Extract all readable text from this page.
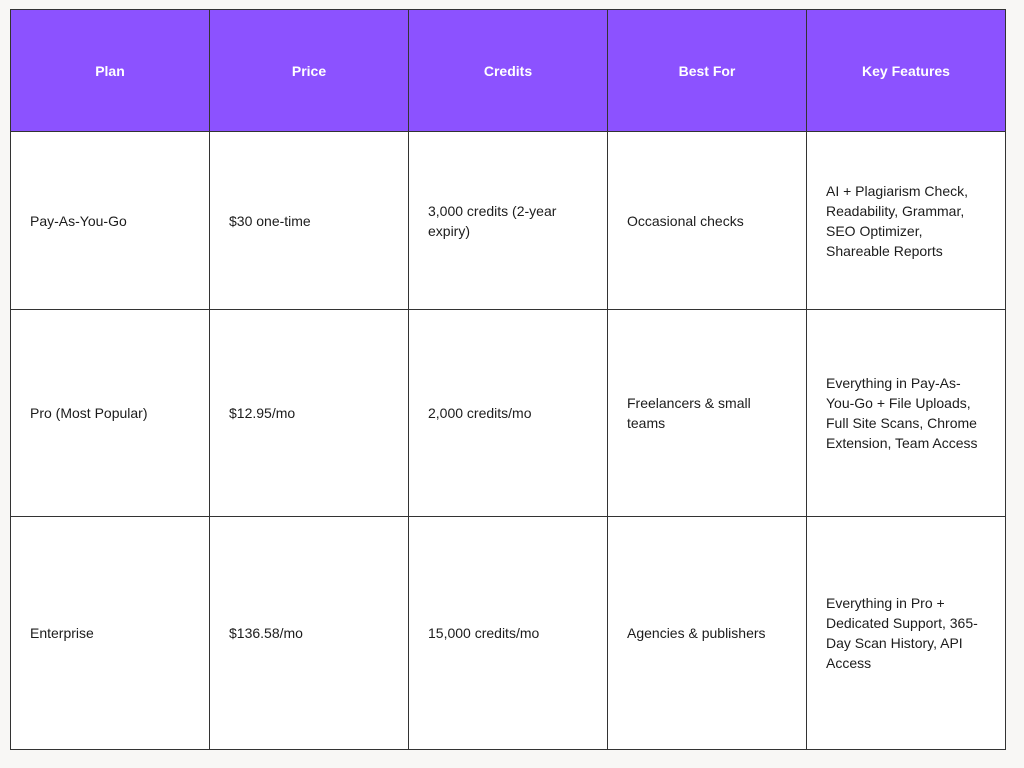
Plan	Price	Credits	Best For	Key Features
Pay-As-You-Go	$30 one-time	3,000 credits (2-year expiry)	Occasional checks	AI + Plagiarism Check, Readability, Grammar, SEO Optimizer, Shareable Reports
Pro (Most Popular)	$12.95/mo	2,000 credits/mo	Freelancers & small teams	Everything in Pay-As-You-Go + File Uploads, Full Site Scans, Chrome Extension, Team Access
Enterprise	$136.58/mo	15,000 credits/mo	Agencies & publishers	Everything in Pro + Dedicated Support, 365-Day Scan History, API Access
